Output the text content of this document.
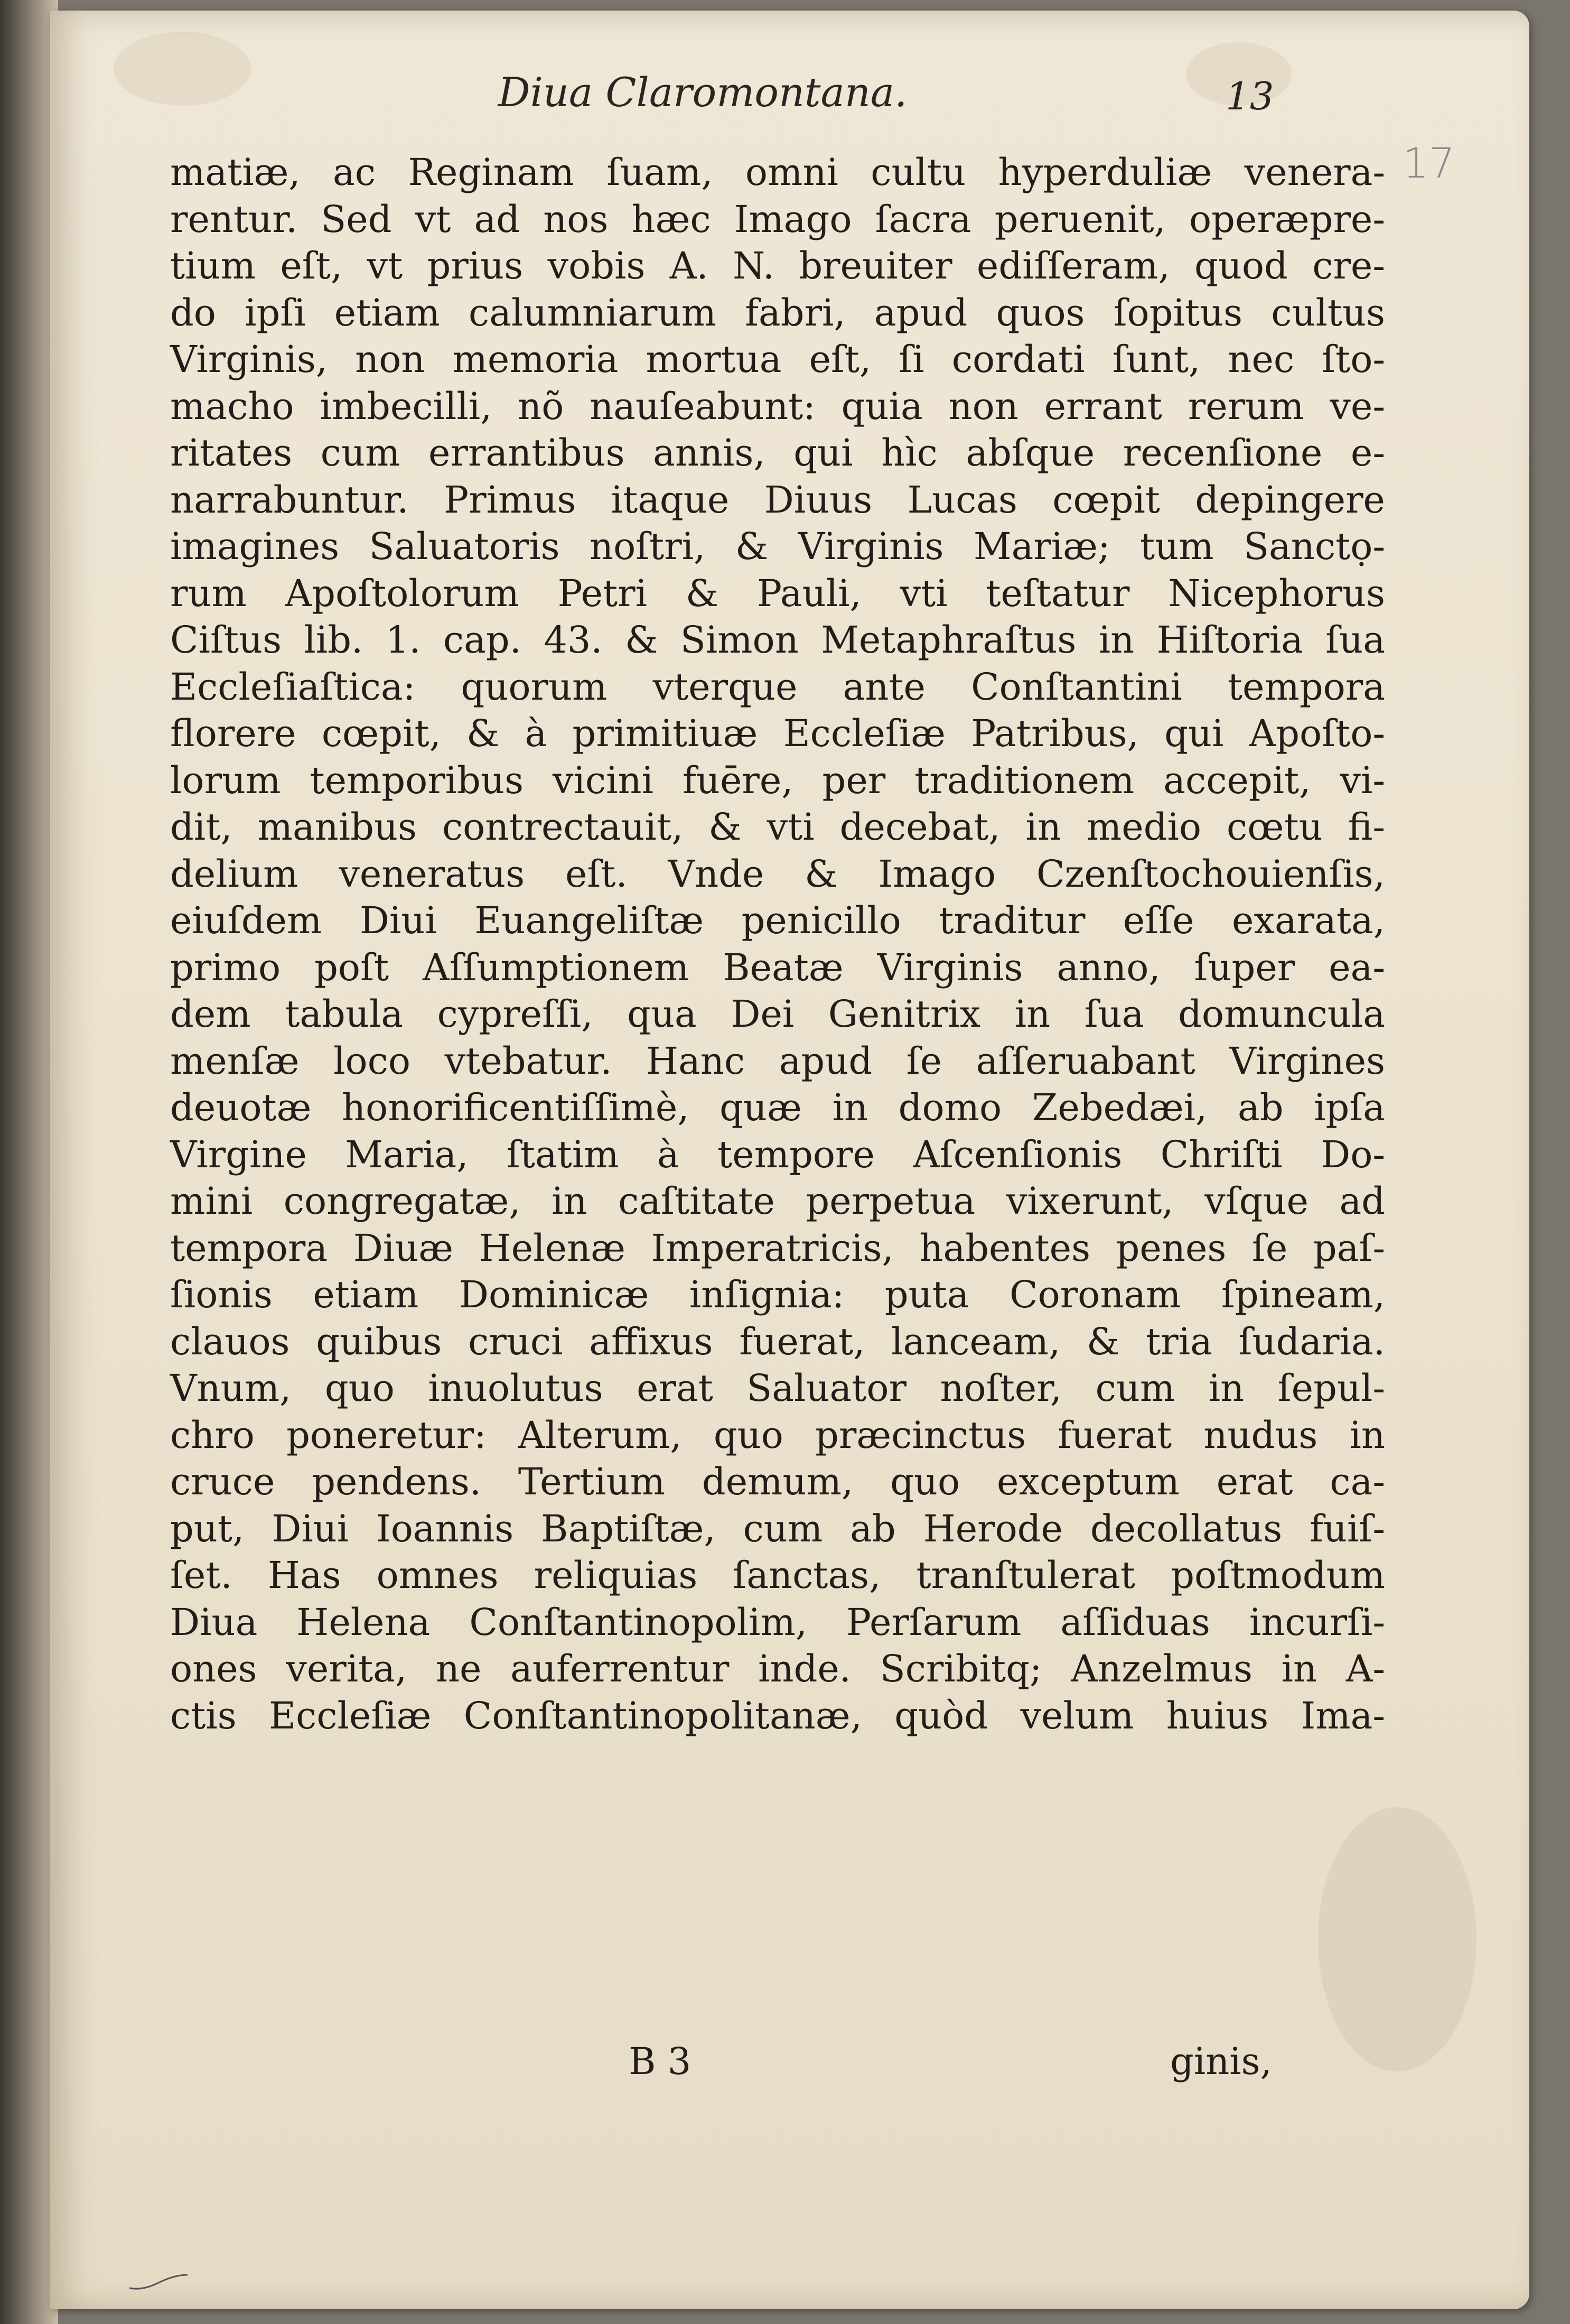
Diua Claromontana.	13
17
matiæ, ac Reginam ſuam, omni cultu hyperduliæ venera-
rentur. Sed vt ad nos hæc Imago ſacra peruenit, operæpre-
tium eſt, vt prius vobis A. N. breuiter ediſſeram, quod cre-
do ipſi etiam calumniarum fabri, apud quos ſopitus cultus
Virginis, non memoria mortua eſt, ſi cordati ſunt, nec ſto-
macho imbecilli, nõ nauſeabunt: quia non errant rerum ve-
ritates cum errantibus annis, qui hìc abſque recenſione e-
narrabuntur. Primus itaque Diuus Lucas cœpit depingere
imagines Saluatoris noſtri, & Virginis Mariæ; tum Sanctọ-
rum Apoſtolorum Petri & Pauli, vti teſtatur Nicephorus
Ciſtus lib. 1. cap. 43. & Simon Metaphraſtus in Hiſtoria ſua
Eccleſiaſtica: quorum vterque ante Conſtantini tempora
florere cœpit, & à primitiuæ Eccleſiæ Patribus, qui Apoſto-
lorum temporibus vicini fuēre, per traditionem accepit, vi-
dit, manibus contrectauit, & vti decebat, in medio cœtu fi-
delium veneratus eſt. Vnde & Imago Czenſtochouienſis,
eiuſdem Diui Euangeliſtæ penicillo traditur eſſe exarata,
primo poſt Aſſumptionem Beatæ Virginis anno, ſuper ea-
dem tabula cypreſſi, qua Dei Genitrix in ſua domuncula
menſæ loco vtebatur. Hanc apud ſe aſſeruabant Virgines
deuotæ honorificentiſſimè, quæ in domo Zebedæi, ab ipſa
Virgine Maria, ſtatim à tempore Aſcenſionis Chriſti Do-
mini congregatæ, in caſtitate perpetua vixerunt, vſque ad
tempora Diuæ Helenæ Imperatricis, habentes penes ſe paſ-
ſionis etiam Dominicæ inſignia: puta Coronam ſpineam,
clauos quibus cruci affixus fuerat, lanceam, & tria ſudaria.
Vnum, quo inuolutus erat Saluator noſter, cum in ſepul-
chro poneretur: Alterum, quo præcinctus fuerat nudus in
cruce pendens. Tertium demum, quo exceptum erat ca-
put, Diui Ioannis Baptiſtæ, cum ab Herode decollatus fuiſ-
ſet. Has omnes reliquias ſanctas, tranſtulerat poſtmodum
Diua Helena Conſtantinopolim, Perſarum aſſiduas incurſi-
ones verita, ne auferrentur inde. Scribitq; Anzelmus in A-
ctis Eccleſiæ Conſtantinopolitanæ, quòd velum huius Ima-
B 3	ginis,
